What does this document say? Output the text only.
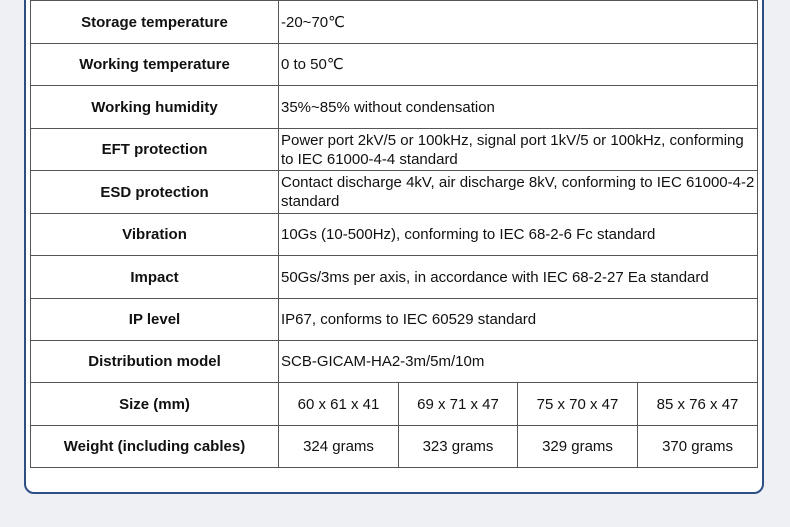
Storage temperature	-20~70℃			
Working temperature	0 to 50℃			
Working humidity	35%~85% without condensation			
EFT protection	Power port 2kV/5 or 100kHz, signal port 1kV/5 or 100kHz, conforming to IEC 61000-4-4 standard			
ESD protection	Contact discharge 4kV, air discharge 8kV, conforming to IEC 61000-4-2 standard			
Vibration	10Gs (10-500Hz), conforming to IEC 68-2-6 Fc standard			
Impact	50Gs/3ms per axis, in accordance with IEC 68-2-27 Ea standard			
IP level	IP67, conforms to IEC 60529 standard			
Distribution model	SCB-GICAM-HA2-3m/5m/10m			
Size (mm)	60 x 61 x 41	69 x 71 x 47	75 x 70 x 47	85 x 76 x 47
Weight (including cables)	324 grams	323 grams	329 grams	370 grams
